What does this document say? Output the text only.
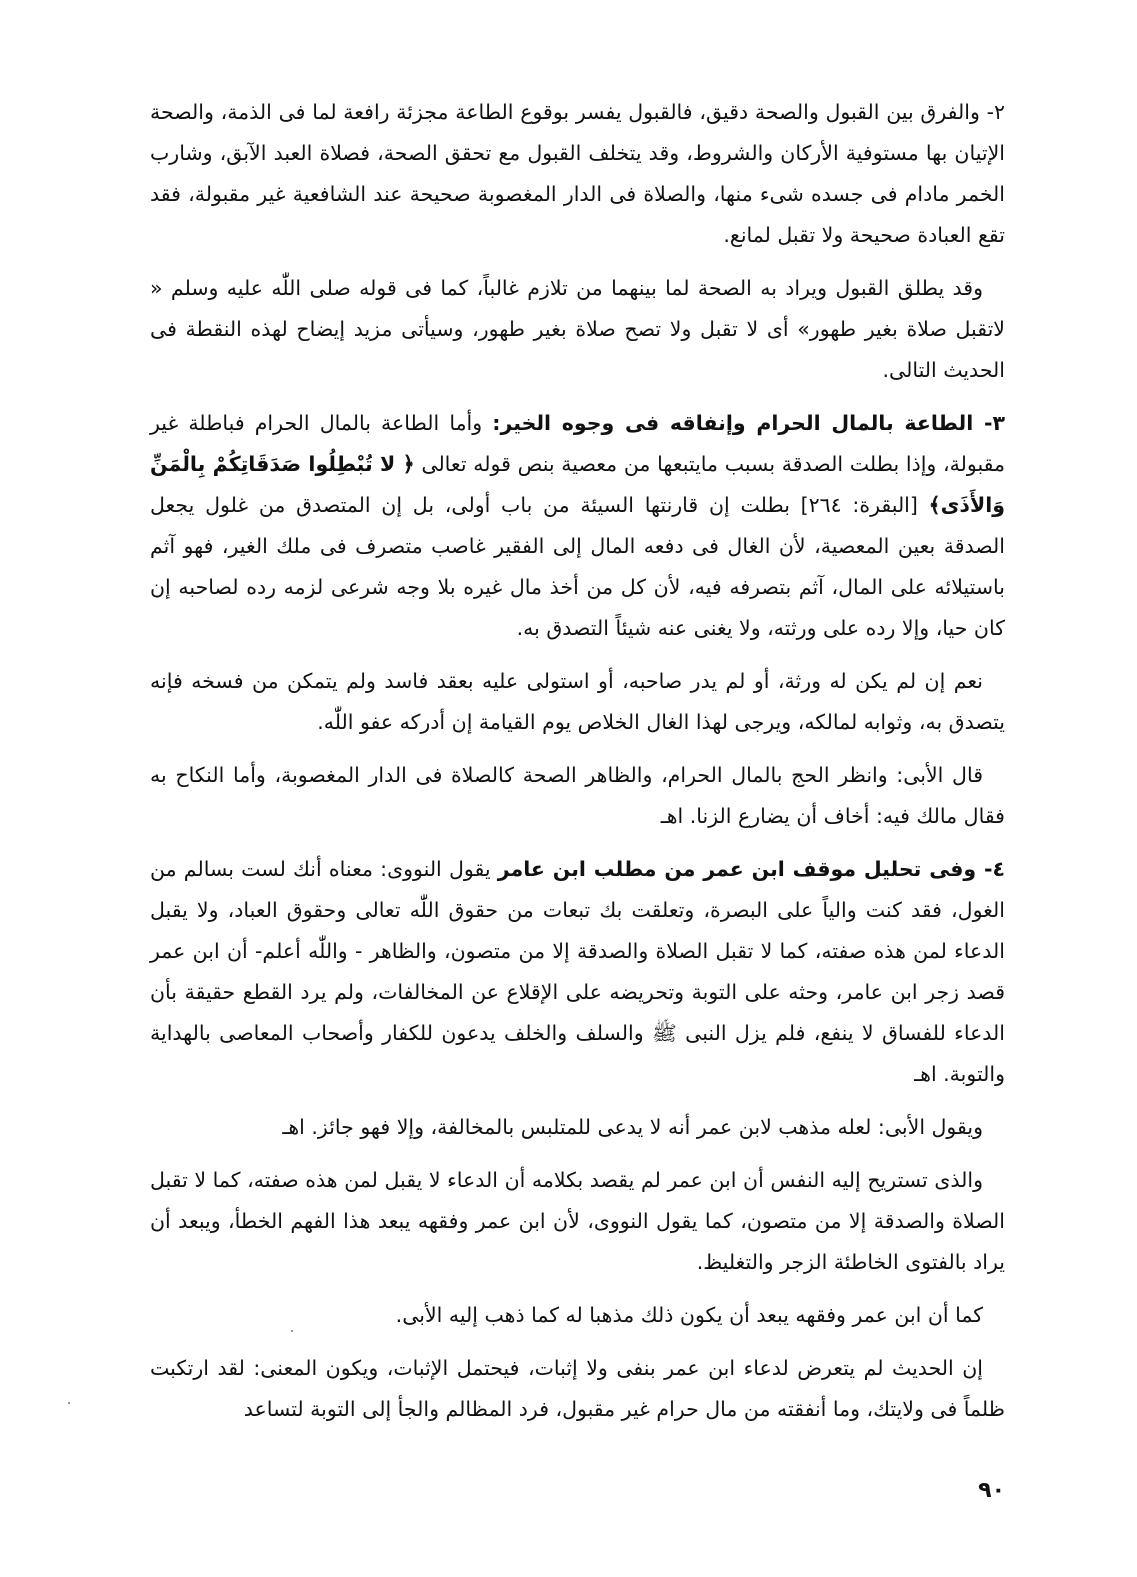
٢- والفرق بين القبول والصحة دقيق، فالقبول يفسر بوقوع الطاعة مجزئة رافعة لما فى الذمة، والصحة الإتيان بها مستوفية الأركان والشروط، وقد يتخلف القبول مع تحقق الصحة، فصلاة العبد الآبق، وشارب الخمر مادام فى جسده شىء منها، والصلاة فى الدار المغصوبة صحيحة عند الشافعية غير مقبولة، فقد تقع العبادة صحيحة ولا تقبل لمانع.

وقد يطلق القبول ويراد به الصحة لما بينهما من تلازم غالباً، كما فى قوله صلى اللّٰه عليه وسلم « لاتقبل صلاة بغير طهور» أى لا تقبل ولا تصح صلاة بغير طهور، وسيأتى مزيد إيضاح لهذه النقطة فى الحديث التالى.

٣- الطاعة بالمال الحرام وإنفاقه فى وجوه الخير: وأما الطاعة بالمال الحرام فباطلة غير مقبولة، وإذا بطلت الصدقة بسبب مايتبعها من معصية بنص قوله تعالى ﴿ لا تُبْطِلُوا صَدَقَاتِكُمْ بِالْمَنِّ وَالأَذَى﴾ [البقرة: ٢٦٤] بطلت إن قارنتها السيئة من باب أولى، بل إن المتصدق من غلول يجعل الصدقة بعين المعصية، لأن الغال فى دفعه المال إلى الفقير غاصب متصرف فى ملك الغير، فهو آثم باستيلائه على المال، آثم بتصرفه فيه، لأن كل من أخذ مال غيره بلا وجه شرعى لزمه رده لصاحبه إن كان حيا، وإلا رده على ورثته، ولا يغنى عنه شيئاً التصدق به.

نعم إن لم يكن له ورثة، أو لم يدر صاحبه، أو استولى عليه بعقد فاسد ولم يتمكن من فسخه فإنه يتصدق به، وثوابه لمالكه، ويرجى لهذا الغال الخلاص يوم القيامة إن أدركه عفو اللّٰه.

قال الأبى: وانظر الحج بالمال الحرام، والظاهر الصحة كالصلاة فى الدار المغصوبة، وأما النكاح به فقال مالك فيه: أخاف أن يضارع الزنا. اهـ

٤- وفى تحليل موقف ابن عمر من مطلب ابن عامر يقول النووى: معناه أنك لست بسالم من الغول، فقد كنت والياً على البصرة، وتعلقت بك تبعات من حقوق اللّٰه تعالى وحقوق العباد، ولا يقبل الدعاء لمن هذه صفته، كما لا تقبل الصلاة والصدقة إلا من متصون، والظاهر - واللّٰه أعلم- أن ابن عمر قصد زجر ابن عامر، وحثه على التوبة وتحريضه على الإقلاع عن المخالفات، ولم يرد القطع حقيقة بأن الدعاء للفساق لا ينفع، فلم يزل النبى ﷺ والسلف والخلف يدعون للكفار وأصحاب المعاصى بالهداية والتوبة. اهـ

ويقول الأبى: لعله مذهب لابن عمر أنه لا يدعى للمتلبس بالمخالفة، وإلا فهو جائز. اهـ

والذى تستريح إليه النفس أن ابن عمر لم يقصد بكلامه أن الدعاء لا يقبل لمن هذه صفته، كما لا تقبل الصلاة والصدقة إلا من متصون، كما يقول النووى، لأن ابن عمر وفقهه يبعد هذا الفهم الخطأ، ويبعد أن يراد بالفتوى الخاطئة الزجر والتغليظ.

كما أن ابن عمر وفقهه يبعد أن يكون ذلك مذهبا له كما ذهب إليه الأبى.

إن الحديث لم يتعرض لدعاء ابن عمر بنفى ولا إثبات، فيحتمل الإثبات، ويكون المعنى: لقد ارتكبت ظلماً فى ولايتك، وما أنفقته من مال حرام غير مقبول، فرد المظالم والجأ إلى التوبة لتساعد

٩٠
